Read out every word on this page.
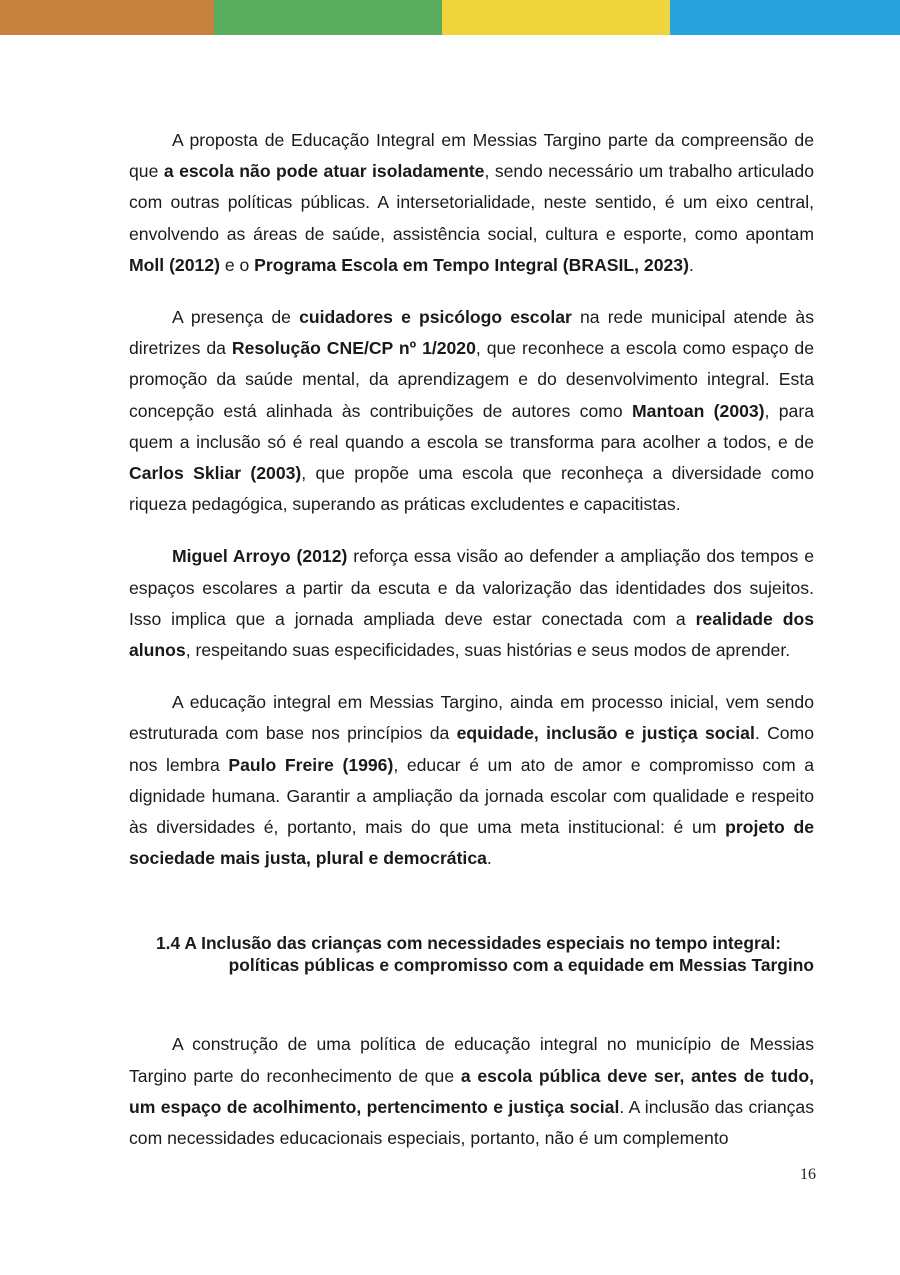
A proposta de Educação Integral em Messias Targino parte da compreensão de que a escola não pode atuar isoladamente, sendo necessário um trabalho articulado com outras políticas públicas. A intersetorialidade, neste sentido, é um eixo central, envolvendo as áreas de saúde, assistência social, cultura e esporte, como apontam Moll (2012) e o Programa Escola em Tempo Integral (BRASIL, 2023).

A presença de cuidadores e psicólogo escolar na rede municipal atende às diretrizes da Resolução CNE/CP nº 1/2020, que reconhece a escola como espaço de promoção da saúde mental, da aprendizagem e do desenvolvimento integral. Esta concepção está alinhada às contribuições de autores como Mantoan (2003), para quem a inclusão só é real quando a escola se transforma para acolher a todos, e de Carlos Skliar (2003), que propõe uma escola que reconheça a diversidade como riqueza pedagógica, superando as práticas excludentes e capacitistas.

Miguel Arroyo (2012) reforça essa visão ao defender a ampliação dos tempos e espaços escolares a partir da escuta e da valorização das identidades dos sujeitos. Isso implica que a jornada ampliada deve estar conectada com a realidade dos alunos, respeitando suas especificidades, suas histórias e seus modos de aprender.

A educação integral em Messias Targino, ainda em processo inicial, vem sendo estruturada com base nos princípios da equidade, inclusão e justiça social. Como nos lembra Paulo Freire (1996), educar é um ato de amor e compromisso com a dignidade humana. Garantir a ampliação da jornada escolar com qualidade e respeito às diversidades é, portanto, mais do que uma meta institucional: é um projeto de sociedade mais justa, plural e democrática.

1.4 A Inclusão das crianças com necessidades especiais no tempo integral:
políticas públicas e compromisso com a equidade em Messias Targino

A construção de uma política de educação integral no município de Messias Targino parte do reconhecimento de que a escola pública deve ser, antes de tudo, um espaço de acolhimento, pertencimento e justiça social. A inclusão das crianças com necessidades educacionais especiais, portanto, não é um complemento

16
